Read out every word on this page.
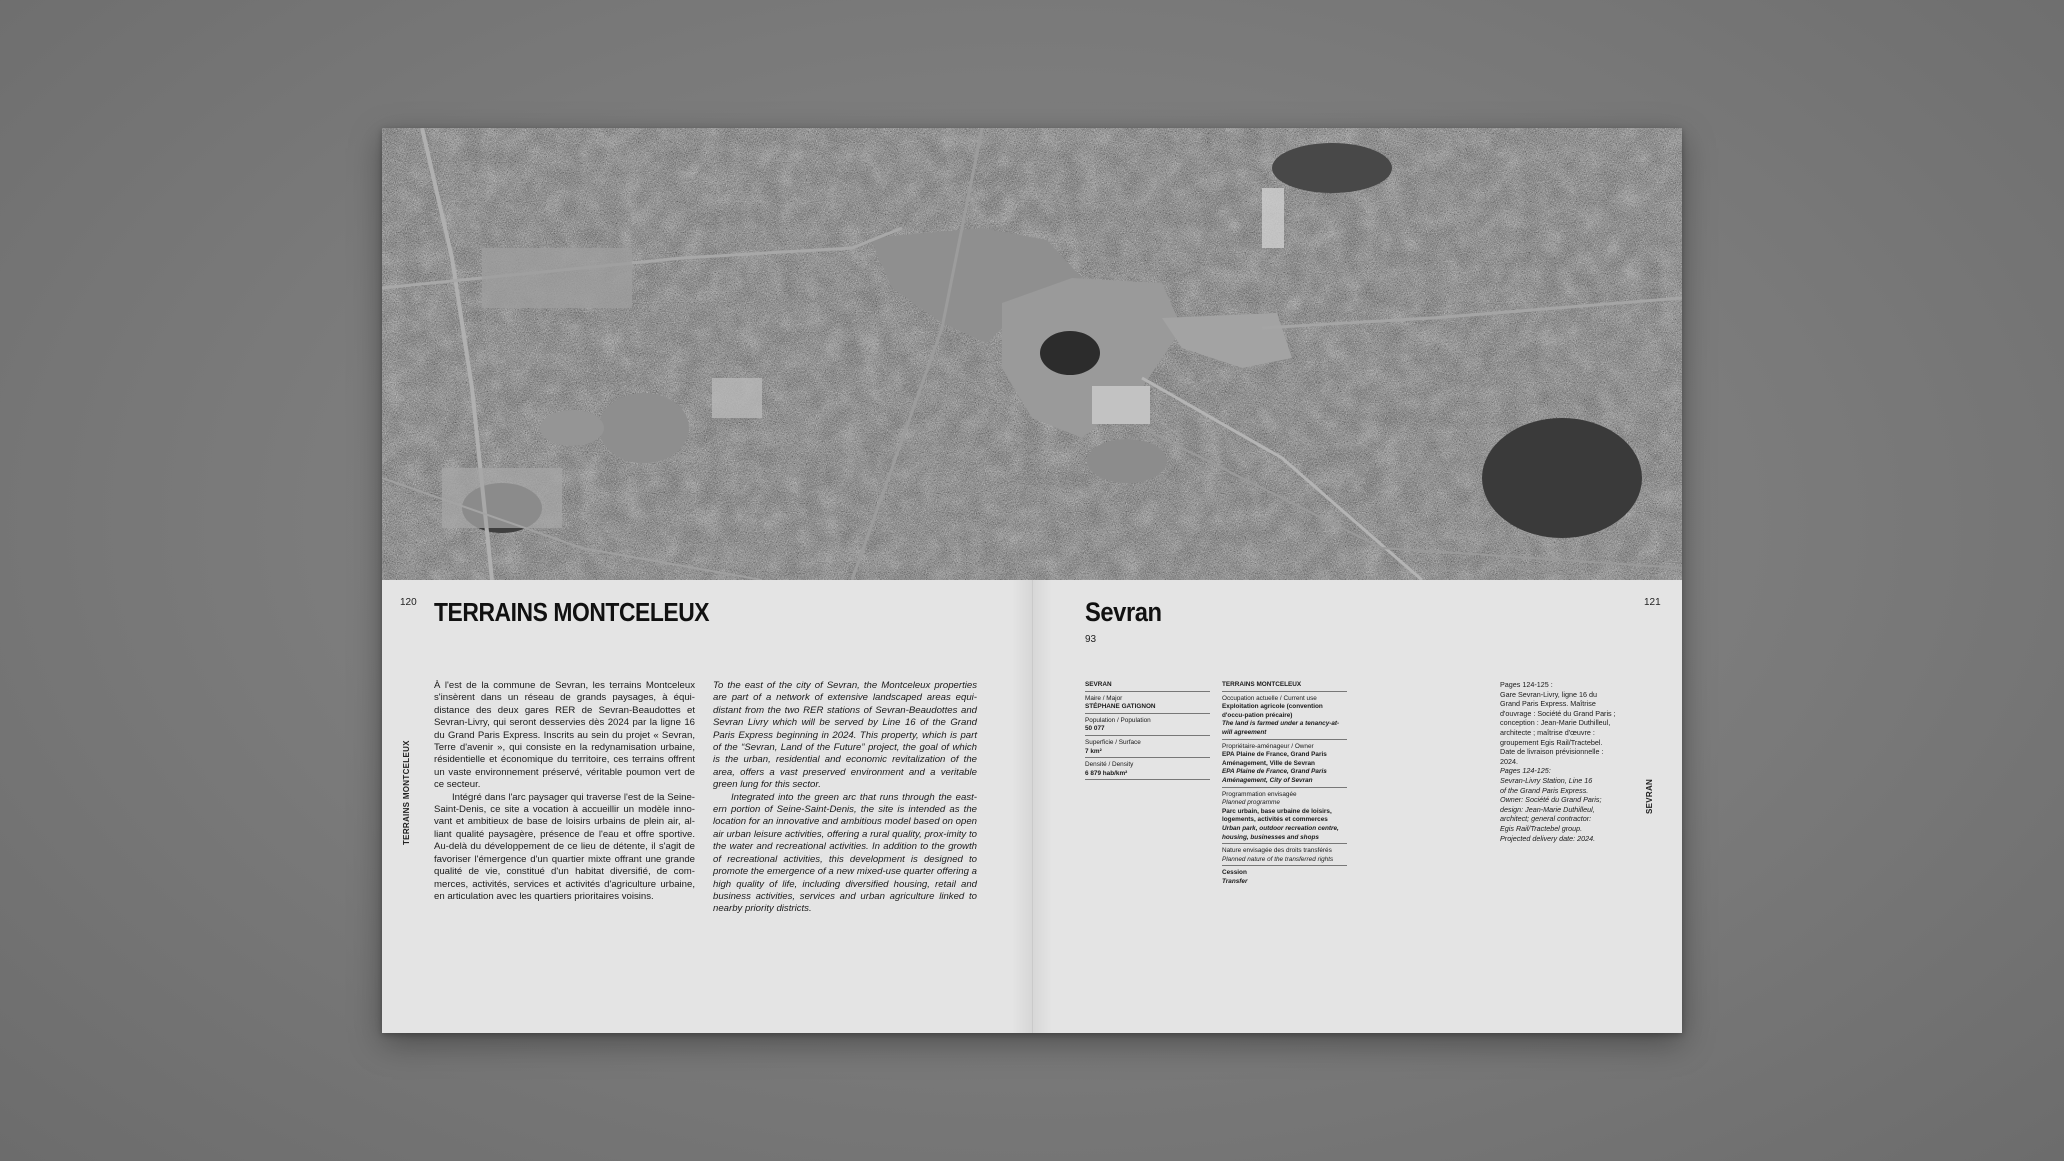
120 TERRAINS MONTCELEUX
TERRAINS MONTCELEUX

À l'est de la commune de Sevran, les terrains Montceleux s'insèrent dans un réseau de grands paysages, à équi-distance des deux gares RER de Sevran-Beaudottes et Sevran-Livry, qui seront desservies dès 2024 par la ligne 16 du Grand Paris Express. Inscrits au sein du projet « Sevran, Terre d'avenir », qui consiste en la redynamisation urbaine, résidentielle et économique du territoire, ces terrains offrent un vaste environnement préservé, véritable poumon vert de ce secteur.

Intégré dans l'arc paysager qui traverse l'est de la Seine-Saint-Denis, ce site a vocation à accueillir un modèle inno-vant et ambitieux de base de loisirs urbains de plein air, al-liant qualité paysagère, présence de l'eau et offre sportive. Au-delà du développement de ce lieu de détente, il s'agit de favoriser l'émergence d'un quartier mixte offrant une grande qualité de vie, constitué d'un habitat diversifié, de com-merces, activités, services et activités d'agriculture urbaine, en articulation avec les quartiers prioritaires voisins.

To the east of the city of Sevran, the Montceleux properties are part of a network of extensive landscaped areas equi-distant from the two RER stations of Sevran-Beaudottes and Sevran Livry which will be served by Line 16 of the Grand Paris Express beginning in 2024. This property, which is part of the “Sevran, Land of the Future” project, the goal of which is the urban, residential and economic revitalization of the area, offers a vast preserved environment and a veritable green lung for this sector.

Integrated into the green arc that runs through the east-ern portion of Seine-Saint-Denis, the site is intended as the location for an innovative and ambitious model based on open air urban leisure activities, offering a rural quality, prox-imity to the water and recreational activities. In addition to the growth of recreational activities, this development is designed to promote the emergence of a new mixed-use quarter offering a high quality of life, including diversified housing, retail and business activities, services and urban agriculture linked to nearby priority districts.

121
Sevran
93
SEVRAN
SEVRAN
Maire / Major
STÉPHANE GATIGNON
Population / Population
50 077
Superficie / Surface
7 km²
Densité / Density
6 879 hab/km²
TERRAINS MONTCELEUX
Occupation actuelle / Current use
Exploitation agricole (convention d'occu-pation précaire)
The land is farmed under a tenancy-at-will agreement
Propriétaire-aménageur / Owner
EPA Plaine de France, Grand Paris Aménagement, Ville de Sevran
EPA Plaine de France, Grand Paris Aménagement, City of Sevran
Programmation envisagée
Planned programme
Parc urbain, base urbaine de loisirs, logements, activités et commerces
Urban park, outdoor recreation centre, housing, businesses and shops
Nature envisagée des droits transférés
Planned nature of the transferred rights
Cession
Transfer
Pages 124-125 :
Gare Sevran-Livry, ligne 16 du
Grand Paris Express. Maîtrise
d'ouvrage : Société du Grand Paris ;
conception : Jean-Marie Duthilleul,
architecte ; maîtrise d'œuvre :
groupement Egis Rail/Tractebel.
Date de livraison prévisionnelle :
2024.
Pages 124-125:
Sevran-Livry Station, Line 16
of the Grand Paris Express.
Owner: Société du Grand Paris;
design: Jean-Marie Duthilleul,
architect; general contractor:
Egis Rail/Tractebel group.
Projected delivery date: 2024.
